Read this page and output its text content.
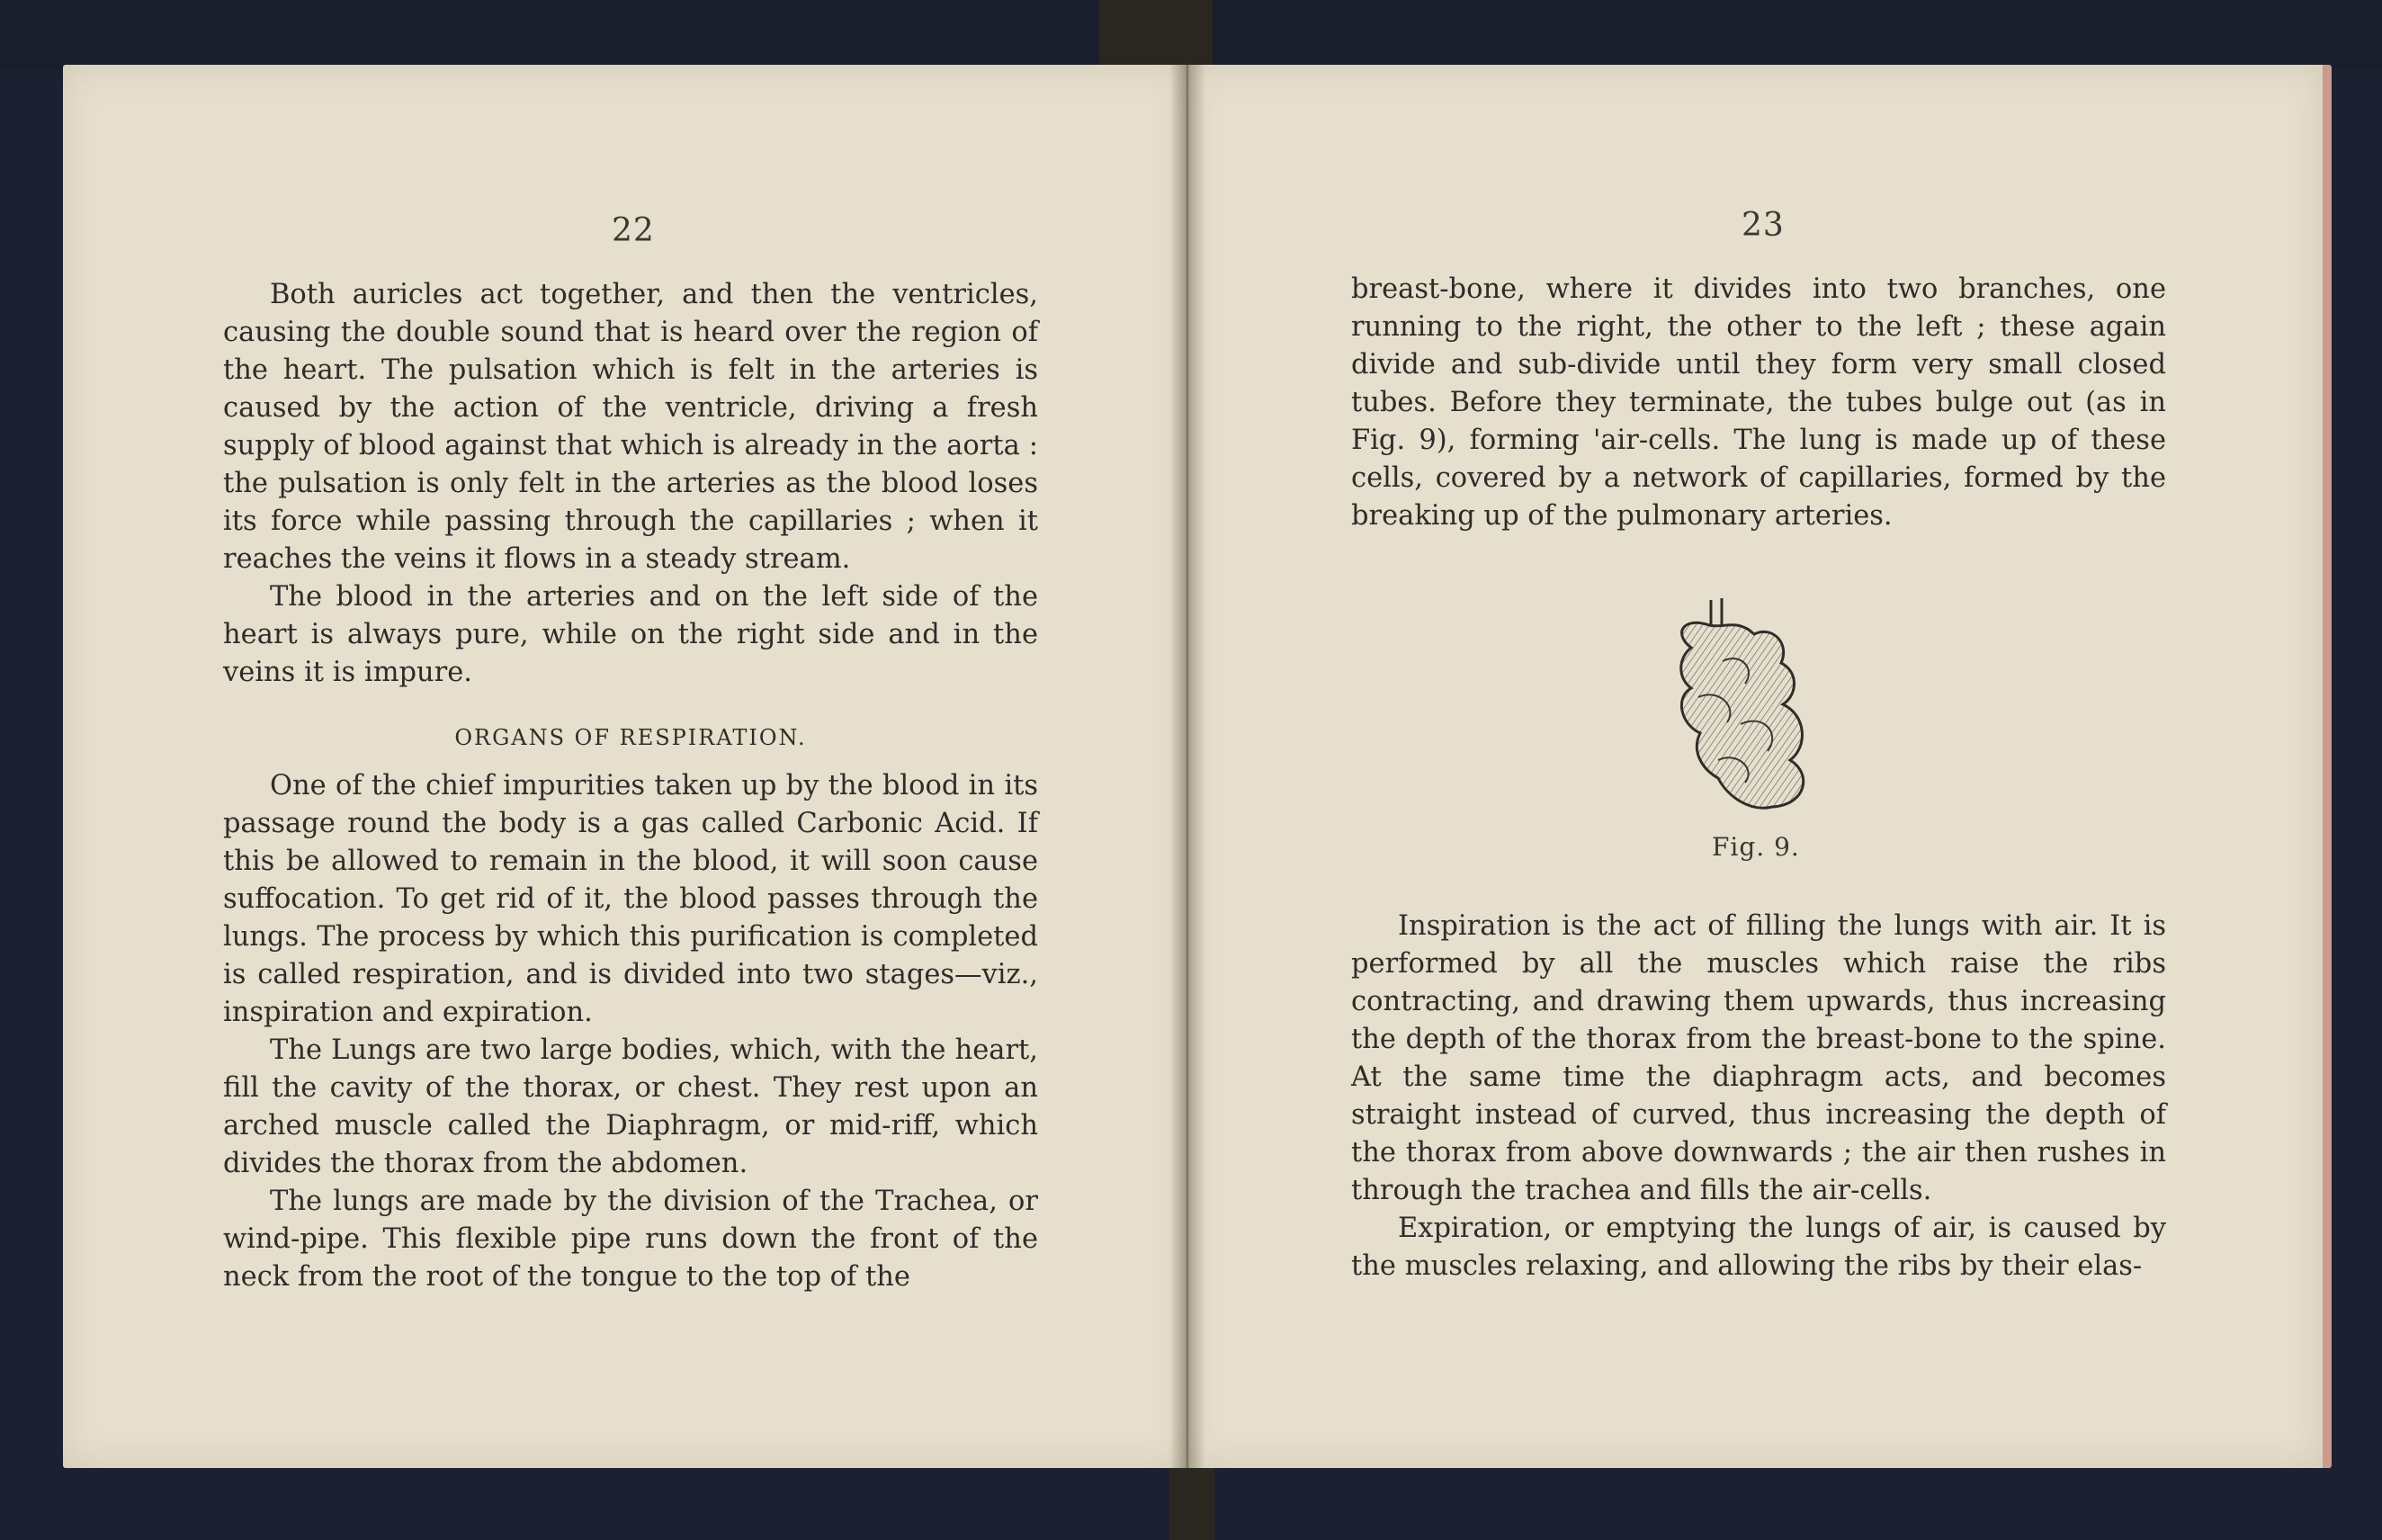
22

Both auricles act together, and then the ventricles, causing the double sound that is heard over the region of the heart. The pulsation which is felt in the arteries is caused by the action of the ventricle, driving a fresh supply of blood against that which is already in the aorta : the pulsation is only felt in the arteries as the blood loses its force while passing through the capillaries ; when it reaches the veins it flows in a steady stream.

The blood in the arteries and on the left side of the heart is always pure, while on the right side and in the veins it is impure.

ORGANS OF RESPIRATION.

One of the chief impurities taken up by the blood in its passage round the body is a gas called Carbonic Acid. If this be allowed to remain in the blood, it will soon cause suffocation. To get rid of it, the blood passes through the lungs. The process by which this purification is completed is called respiration, and is divided into two stages—viz., inspiration and expiration.

The Lungs are two large bodies, which, with the heart, fill the cavity of the thorax, or chest. They rest upon an arched muscle called the Diaphragm, or mid-riff, which divides the thorax from the abdomen.

The lungs are made by the division of the Trachea, or wind-pipe. This flexible pipe runs down the front of the neck from the root of the tongue to the top of the

23

breast-bone, where it divides into two branches, one running to the right, the other to the left ; these again divide and sub-divide until they form very small closed tubes. Before they terminate, the tubes bulge out (as in Fig. 9), forming 'air-cells. The lung is made up of these cells, covered by a network of capillaries, formed by the breaking up of the pulmonary arteries.

Fig. 9.

Inspiration is the act of filling the lungs with air. It is performed by all the muscles which raise the ribs contracting, and drawing them upwards, thus increasing the depth of the thorax from the breast-bone to the spine. At the same time the diaphragm acts, and becomes straight instead of curved, thus increasing the depth of the thorax from above downwards ; the air then rushes in through the trachea and fills the air-cells.

Expiration, or emptying the lungs of air, is caused by the muscles relaxing, and allowing the ribs by their elas-
